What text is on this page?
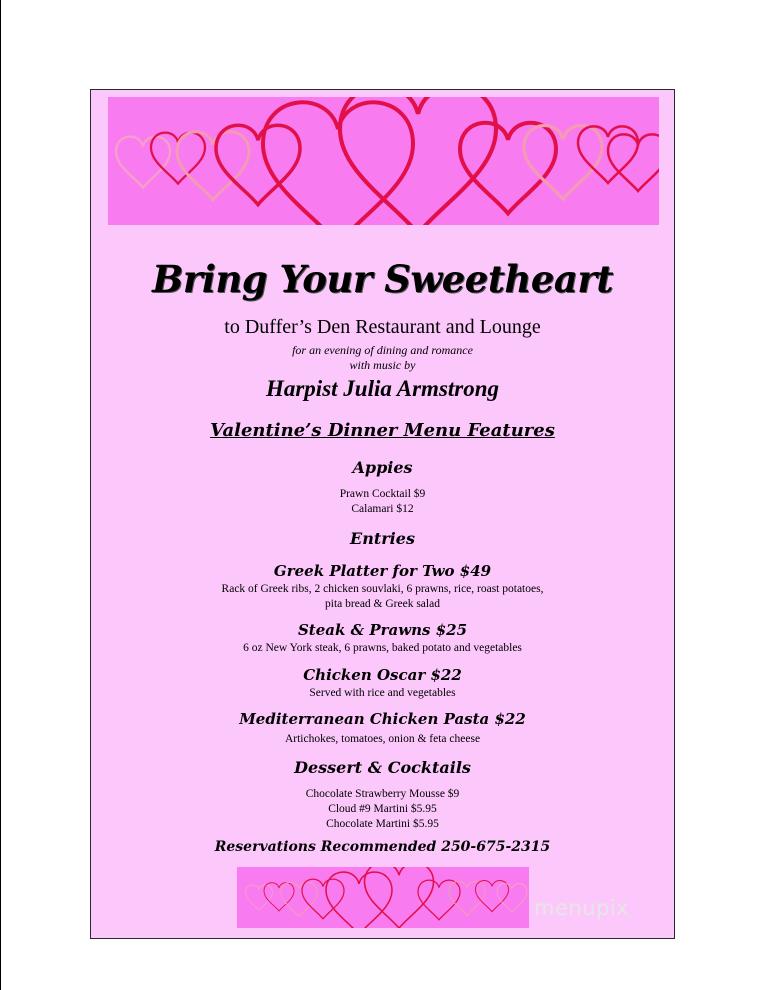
Bring Your Sweetheart
to Duffer’s Den Restaurant and Lounge
for an evening of dining and romance
with music by
Harpist Julia Armstrong
Valentine’s Dinner Menu Features
Appies
Prawn Cocktail $9
Calamari $12
Entries
Greek Platter for Two $49
Rack of Greek ribs, 2 chicken souvlaki, 6 prawns, rice, roast potatoes,
pita bread & Greek salad
Steak & Prawns $25
6 oz New York steak, 6 prawns, baked potato and vegetables
Chicken Oscar $22
Served with rice and vegetables
Mediterranean Chicken Pasta $22
Artichokes, tomatoes, onion & feta cheese
Dessert & Cocktails
Chocolate Strawberry Mousse $9
Cloud #9 Martini $5.95
Chocolate Martini $5.95
Reservations Recommended 250-675-2315
menupix
